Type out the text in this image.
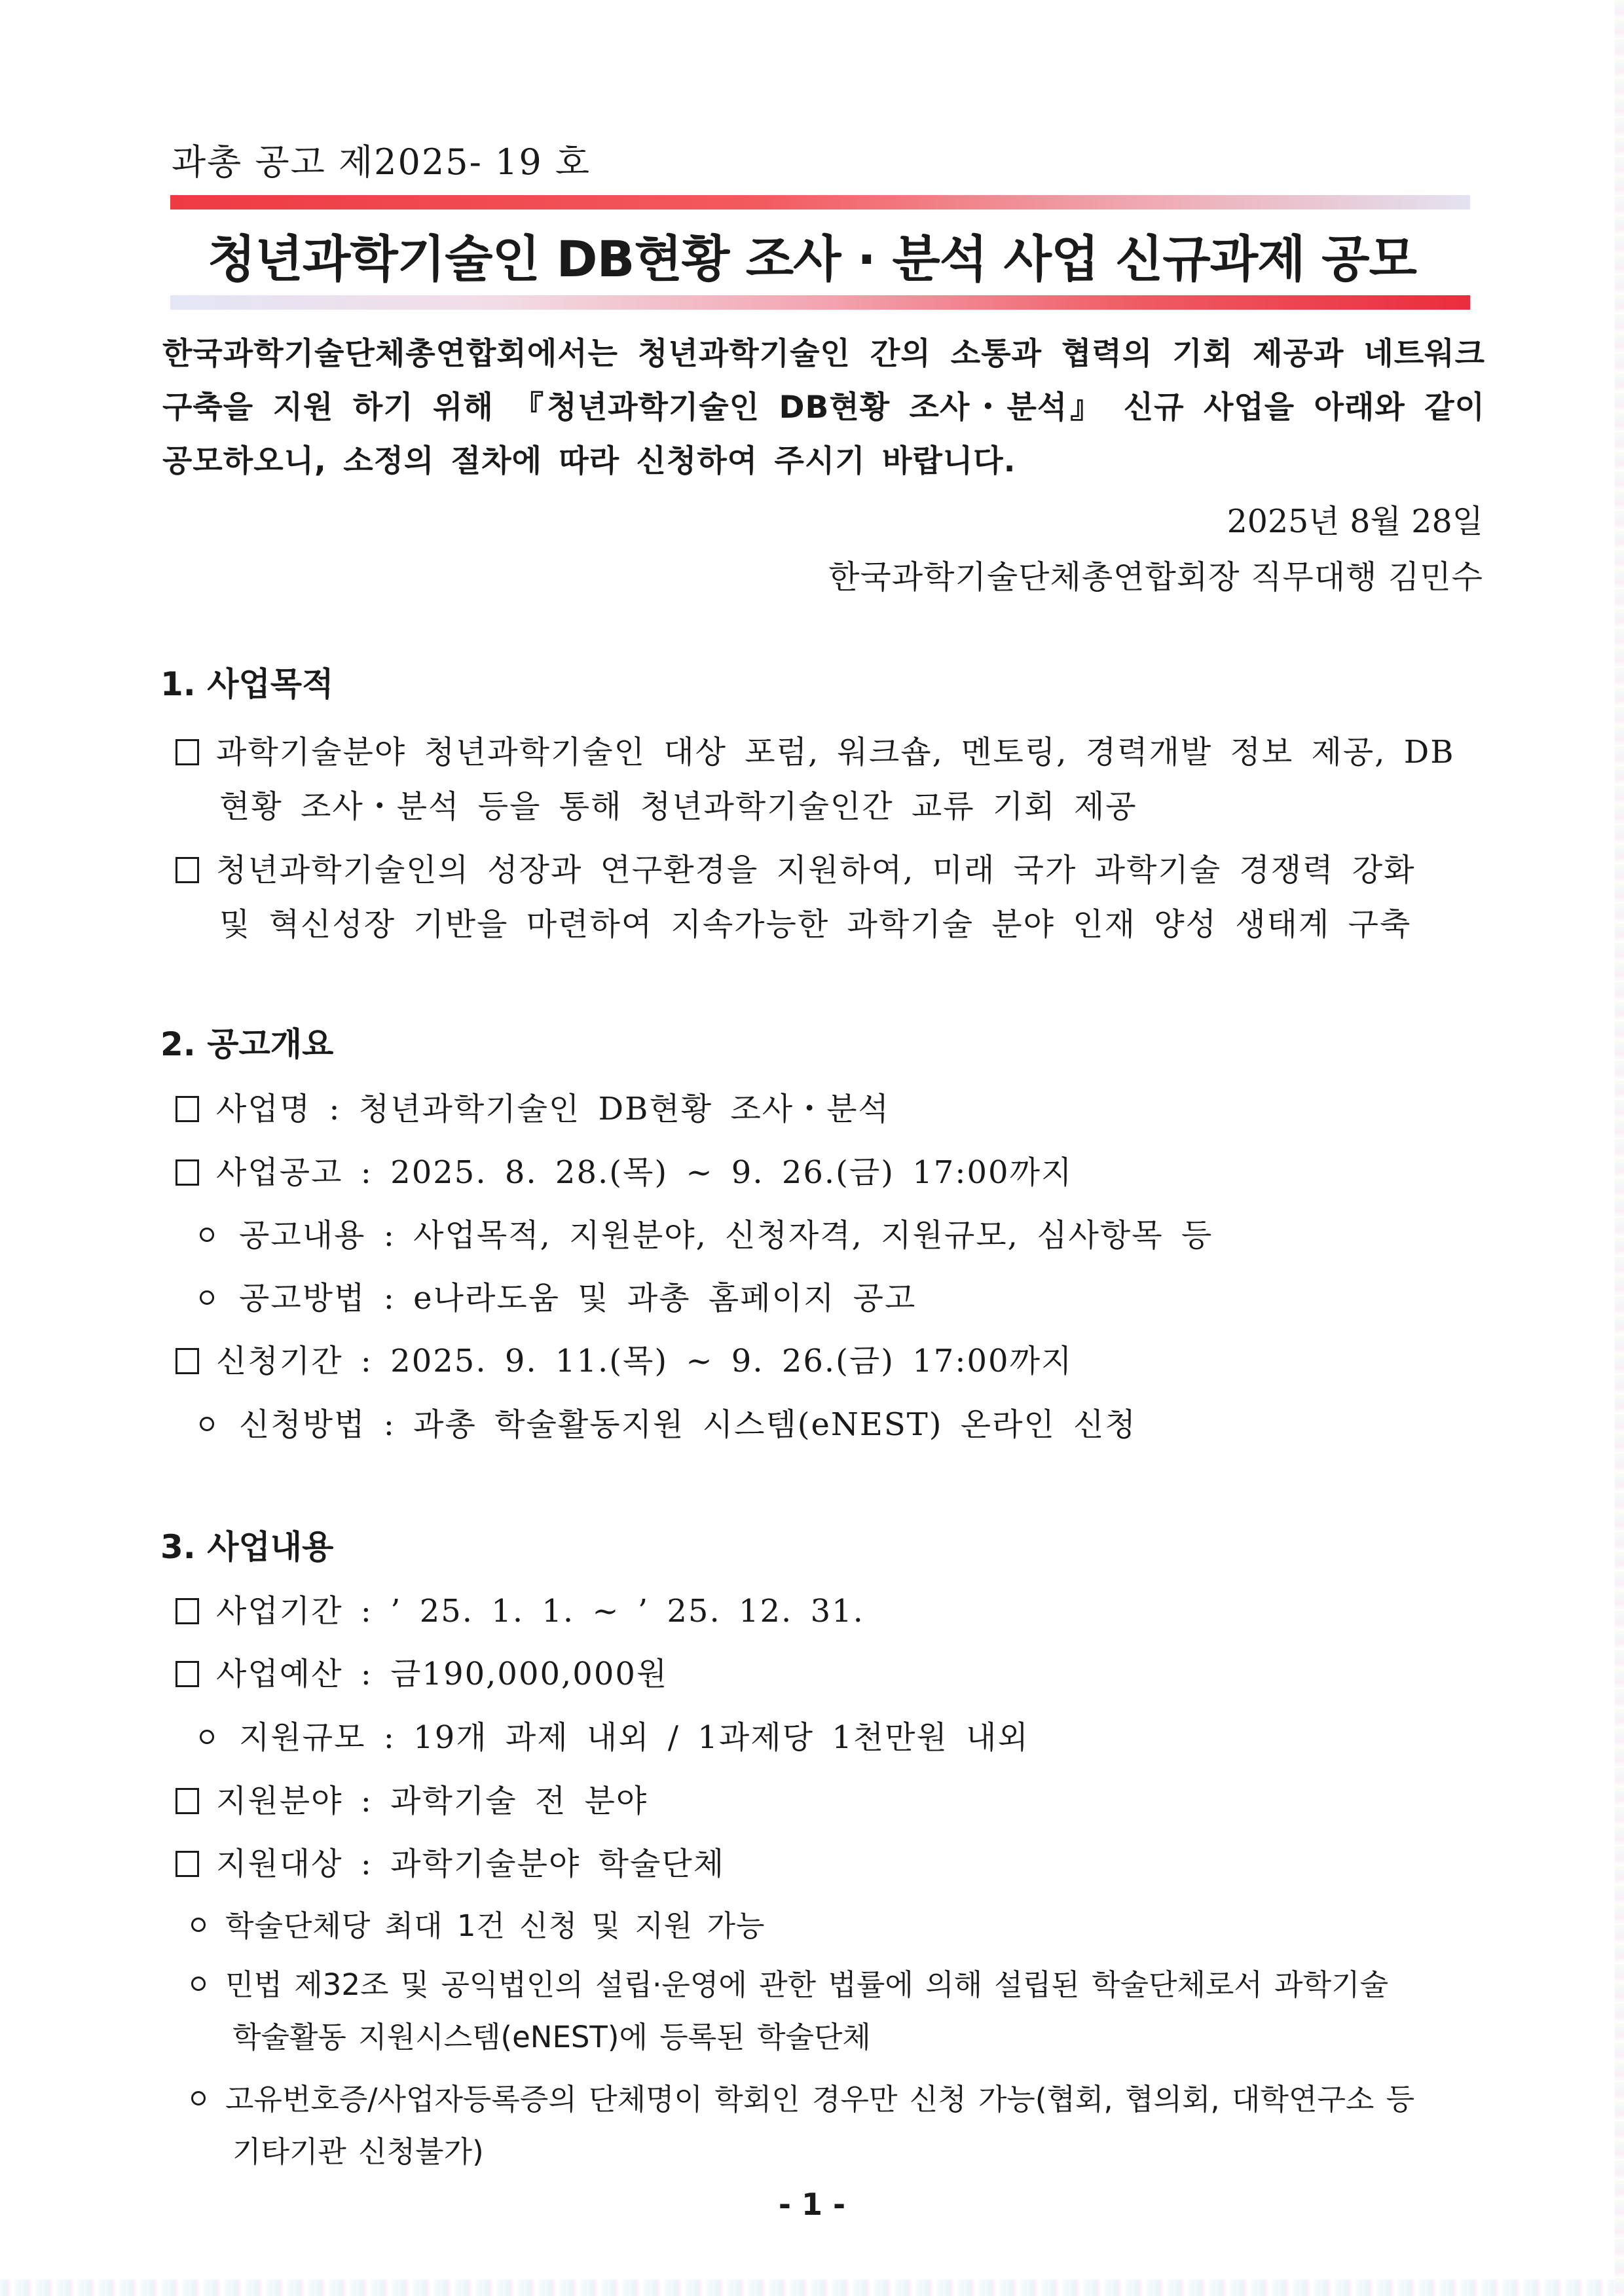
과총 공고 제2025- 19 호
청년과학기술인 DB현황 조사 · 분석 사업 신규과제 공모
한국과학기술단체총연합회에서는 청년과학기술인 간의 소통과 협력의 기회 제공과 네트워크 구축을 지원 하기 위해 『청년과학기술인 DB현황 조사・분석』 신규 사업을 아래와 같이 공모하오니, 소정의 절차에 따라 신청하여 주시기 바랍니다.
2025년 8월 28일
한국과학기술단체총연합회장 직무대행 김민수
1. 사업목적
과학기술분야 청년과학기술인 대상 포럼, 워크숍, 멘토링, 경력개발 정보 제공, DB
현황 조사・분석 등을 통해 청년과학기술인간 교류 기회 제공
청년과학기술인의 성장과 연구환경을 지원하여, 미래 국가 과학기술 경쟁력 강화
및 혁신성장 기반을 마련하여 지속가능한 과학기술 분야 인재 양성 생태계 구축
2. 공고개요
사업명 : 청년과학기술인 DB현황 조사・분석
사업공고 : 2025. 8. 28.(목) ~ 9. 26.(금) 17:00까지
공고내용 : 사업목적, 지원분야, 신청자격, 지원규모, 심사항목 등
공고방법 : e나라도움 및 과총 홈페이지 공고
신청기간 : 2025. 9. 11.(목) ~ 9. 26.(금) 17:00까지
신청방법 : 과총 학술활동지원 시스템(eNEST) 온라인 신청
3. 사업내용
사업기간 : ’ 25. 1. 1. ~ ’ 25. 12. 31.
사업예산 : 금190,000,000원
지원규모 : 19개 과제 내외 / 1과제당 1천만원 내외
지원분야 : 과학기술 전 분야
지원대상 : 과학기술분야 학술단체
학술단체당 최대 1건 신청 및 지원 가능
민법 제32조 및 공익법인의 설립·운영에 관한 법률에 의해 설립된 학술단체로서 과학기술
학술활동 지원시스템(eNEST)에 등록된 학술단체
고유번호증/사업자등록증의 단체명이 학회인 경우만 신청 가능(협회, 협의회, 대학연구소 등
기타기관 신청불가)
- 1 -
